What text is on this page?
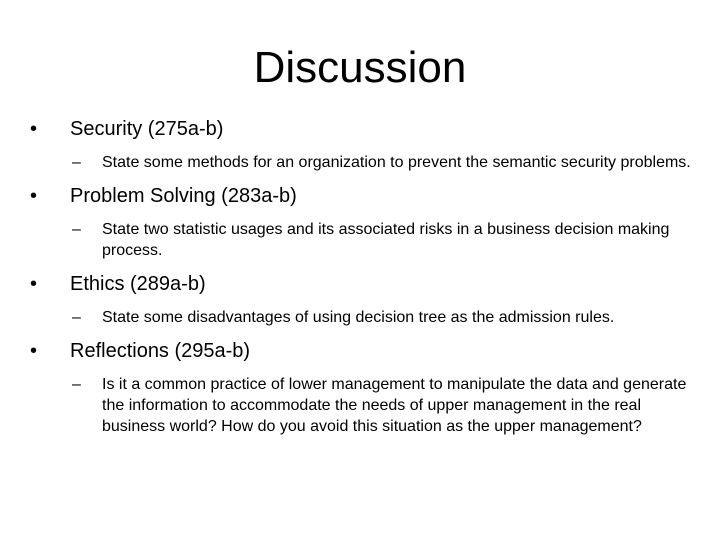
Discussion
•	Security (275a-b)
–	State some methods for an organization to prevent the semantic security problems.
•	Problem Solving (283a-b)
–	State two statistic usages and its associated risks in a business decision making process.
•	Ethics (289a-b)
–	State some disadvantages of using decision tree as the admission rules.
•	Reflections (295a-b)
–	Is it a common practice of lower management to manipulate the data and generate the information to accommodate the needs of upper management in the real business world? How do you avoid this situation as the upper management?
